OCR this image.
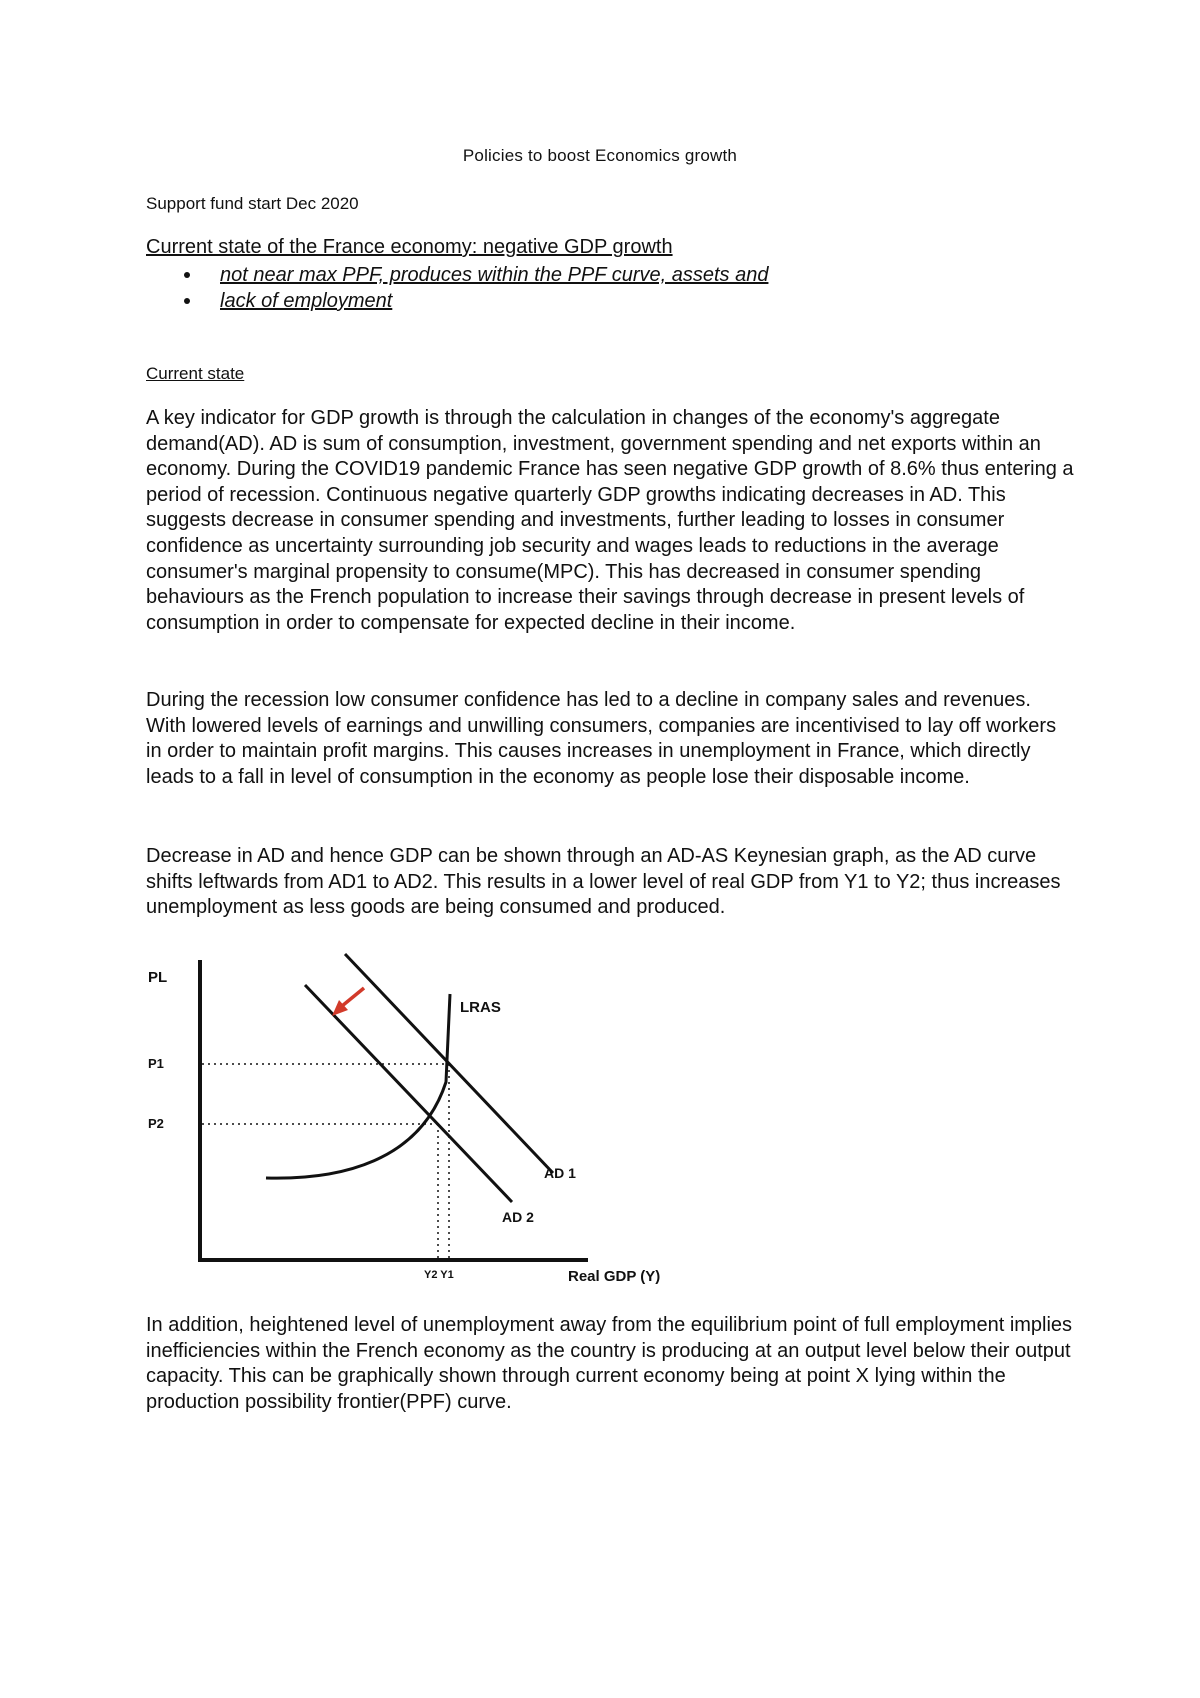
Policies to boost Economics growth
Support fund start Dec 2020
Current state of the France economy: negative GDP growth
not near max PPF, produces within the PPF curve, assets and
lack of employment
Current state

A key indicator for GDP growth is through the calculation in changes of the economy's aggregate demand(AD). AD is sum of consumption, investment, government spending and net exports within an economy. During the COVID19 pandemic France has seen negative GDP growth of 8.6% thus entering a period of recession. Continuous negative quarterly GDP growths indicating decreases in AD. This suggests decrease in consumer spending and investments, further leading to losses in consumer confidence as uncertainty surrounding job security and wages leads to reductions in the average consumer's marginal propensity to consume(MPC). This has decreased in consumer spending behaviours as the French population to increase their savings through decrease in present levels of consumption in order to compensate for expected decline in their income.

During the recession low consumer confidence has led to a decline in company sales and revenues. With lowered levels of earnings and unwilling consumers, companies are incentivised to lay off workers in order to maintain profit margins. This causes increases in unemployment in France, which directly leads to a fall in level of consumption in the economy as people lose their disposable income.

Decrease in AD and hence GDP can be shown through an AD-AS Keynesian graph, as the AD curve shifts leftwards from AD1 to AD2. This results in a lower level of real GDP from Y1 to Y2; thus increases unemployment as less goods are being consumed and produced.

PL
LRAS
P1
P2
AD 1
AD 2
Y2 Y1	Real GDP (Y)

In addition, heightened level of unemployment away from the equilibrium point of full employment implies inefficiencies within the French economy as the country is producing at an output level below their output capacity. This can be graphically shown through current economy being at point X lying within the production possibility frontier(PPF) curve.
